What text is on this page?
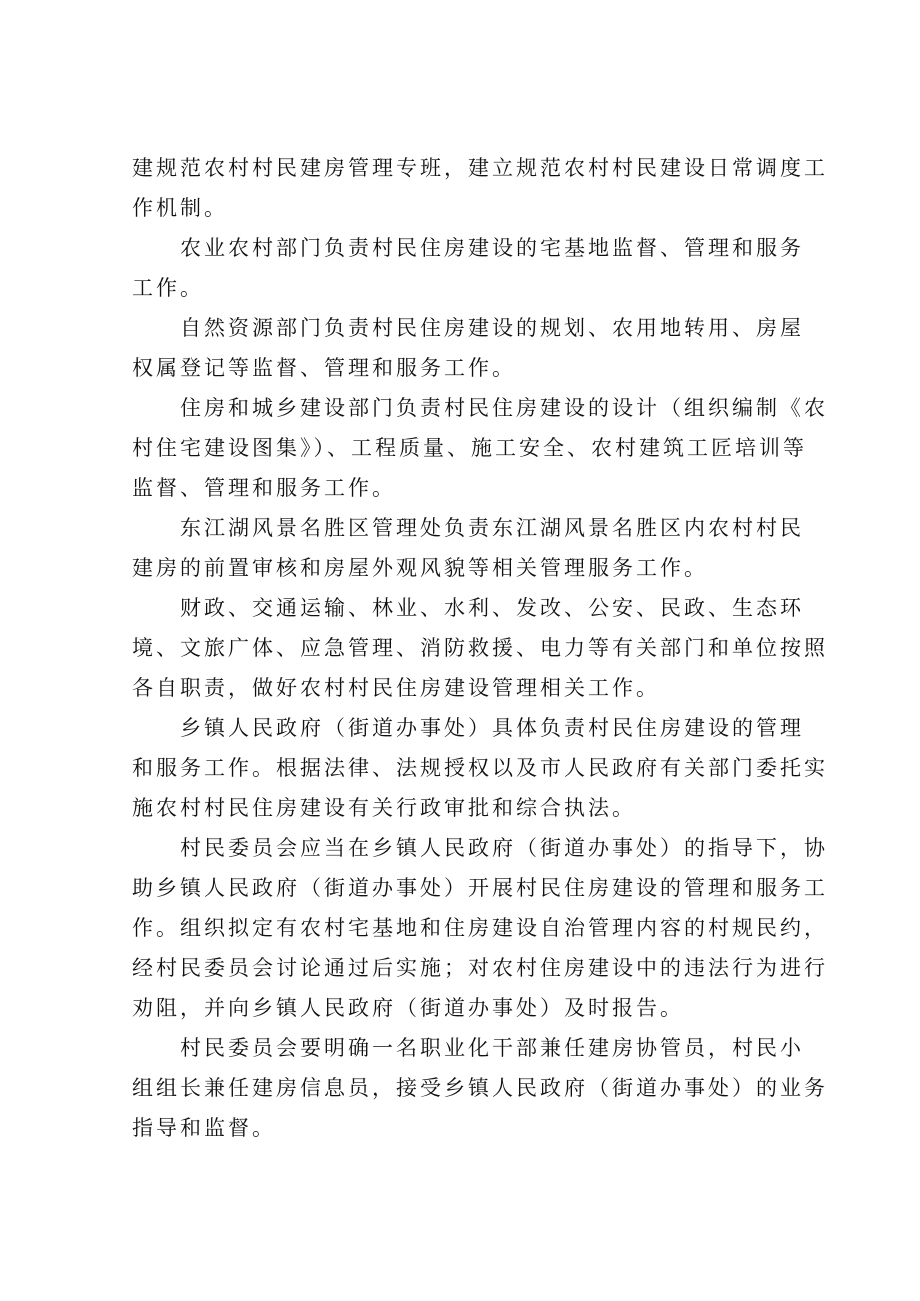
建规范农村村民建房管理专班，建立规范农村村民建设日常调度工
作机制。
农业农村部门负责村民住房建设的宅基地监督、管理和服务
工作。
自然资源部门负责村民住房建设的规划、农用地转用、房屋
权属登记等监督、管理和服务工作。
住房和城乡建设部门负责村民住房建设的设计（组织编制《农
村住宅建设图集》）、工程质量、施工安全、农村建筑工匠培训等
监督、管理和服务工作。
东江湖风景名胜区管理处负责东江湖风景名胜区内农村村民
建房的前置审核和房屋外观风貌等相关管理服务工作。
财政、交通运输、林业、水利、发改、公安、民政、生态环
境、文旅广体、应急管理、消防救援、电力等有关部门和单位按照
各自职责，做好农村村民住房建设管理相关工作。
乡镇人民政府（街道办事处）具体负责村民住房建设的管理
和服务工作。根据法律、法规授权以及市人民政府有关部门委托实
施农村村民住房建设有关行政审批和综合执法。
村民委员会应当在乡镇人民政府（街道办事处）的指导下，协
助乡镇人民政府（街道办事处）开展村民住房建设的管理和服务工
作。组织拟定有农村宅基地和住房建设自治管理内容的村规民约，
经村民委员会讨论通过后实施；对农村住房建设中的违法行为进行
劝阻，并向乡镇人民政府（街道办事处）及时报告。
村民委员会要明确一名职业化干部兼任建房协管员，村民小
组组长兼任建房信息员，接受乡镇人民政府（街道办事处）的业务
指导和监督。
